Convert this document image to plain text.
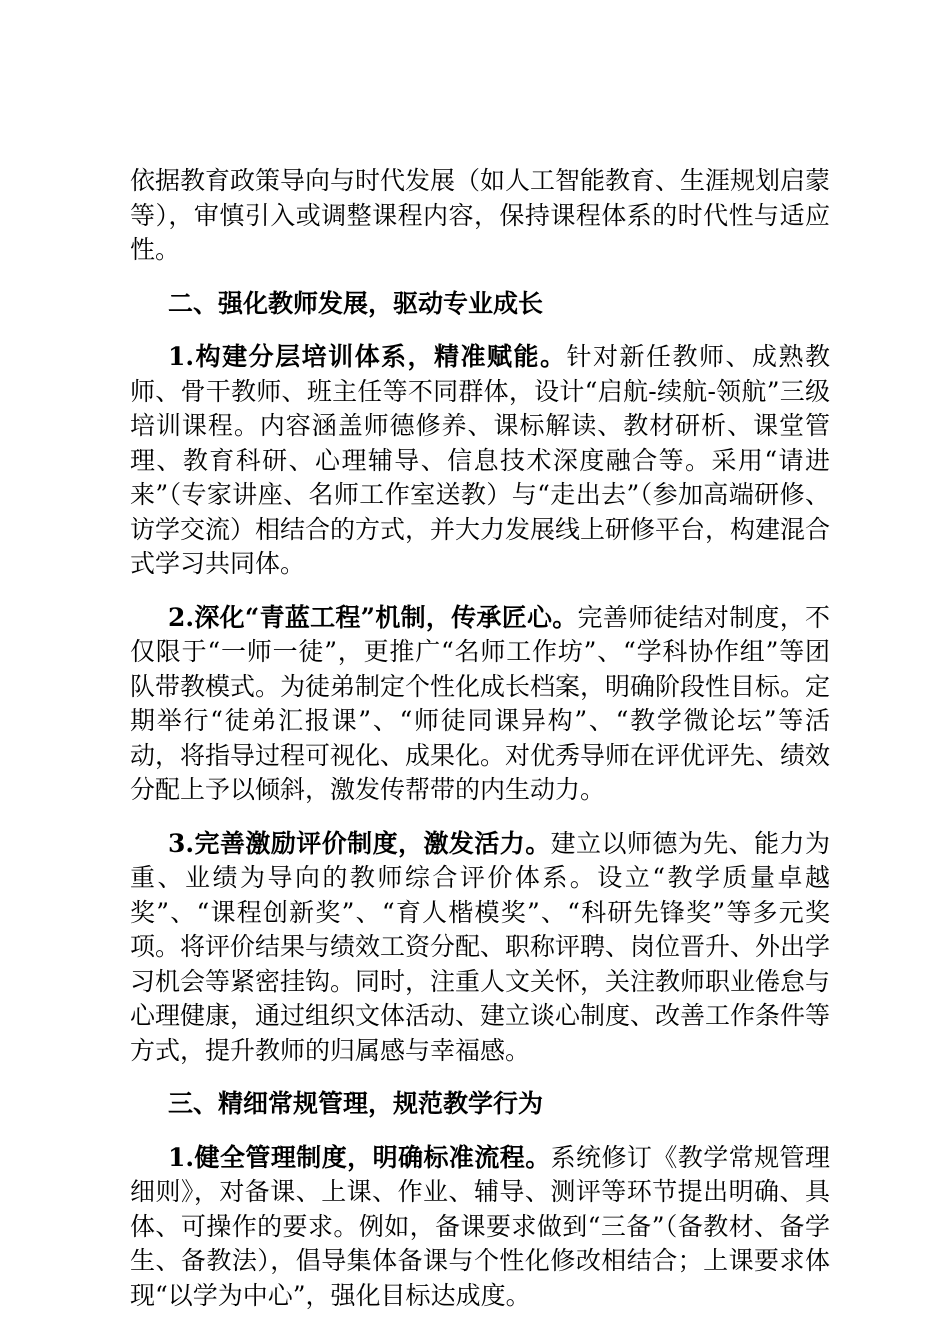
依据教育政策导向与时代发展（如人工智能教育、生涯规划启蒙等），审慎引入或调整课程内容，保持课程体系的时代性与适应性。

二、强化教师发展，驱动专业成长

1.构建分层培训体系，精准赋能。针对新任教师、成熟教师、骨干教师、班主任等不同群体，设计“启航-续航-领航”三级培训课程。内容涵盖师德修养、课标解读、教材研析、课堂管理、教育科研、心理辅导、信息技术深度融合等。采用“请进来”（专家讲座、名师工作室送教）与“走出去”（参加高端研修、访学交流）相结合的方式，并大力发展线上研修平台，构建混合式学习共同体。

2.深化“青蓝工程”机制，传承匠心。完善师徒结对制度，不仅限于“一师一徒”，更推广“名师工作坊”、“学科协作组”等团队带教模式。为徒弟制定个性化成长档案，明确阶段性目标。定期举行“徒弟汇报课”、“师徒同课异构”、“教学微论坛”等活动，将指导过程可视化、成果化。对优秀导师在评优评先、绩效分配上予以倾斜，激发传帮带的内生动力。

3.完善激励评价制度，激发活力。建立以师德为先、能力为重、业绩为导向的教师综合评价体系。设立“教学质量卓越奖”、“课程创新奖”、“育人楷模奖”、“科研先锋奖”等多元奖项。将评价结果与绩效工资分配、职称评聘、岗位晋升、外出学习机会等紧密挂钩。同时，注重人文关怀，关注教师职业倦怠与心理健康，通过组织文体活动、建立谈心制度、改善工作条件等方式，提升教师的归属感与幸福感。

三、精细常规管理，规范教学行为

1.健全管理制度，明确标准流程。系统修订《教学常规管理细则》，对备课、上课、作业、辅导、测评等环节提出明确、具体、可操作的要求。例如，备课要求做到“三备”（备教材、备学生、备教法），倡导集体备课与个性化修改相结合；上课要求体现“以学为中心”，强化目标达成度。
